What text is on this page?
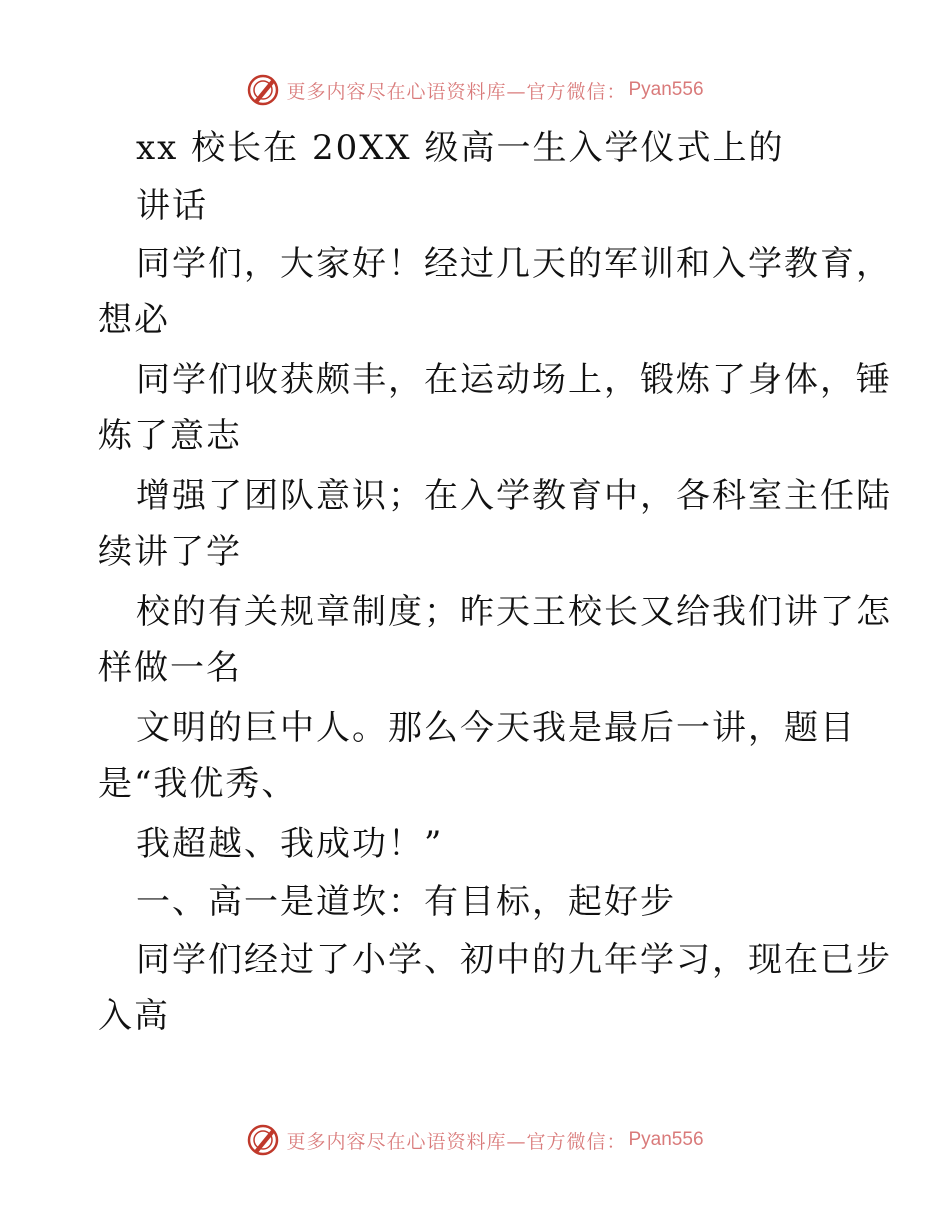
更多内容尽在心语资料库—官方微信： Pyan556
xx 校长在 20XX 级高一生入学仪式上的
讲话
同学们，大家好！经过几天的军训和入学教育，
想必
同学们收获颇丰，在运动场上，锻炼了身体，锤
炼了意志
增强了团队意识；在入学教育中，各科室主任陆
续讲了学
校的有关规章制度；昨天王校长又给我们讲了怎
样做一名
文明的巨中人。那么今天我是最后一讲，题目
是“我优秀、
我超越、我成功！”
一、高一是道坎：有目标，起好步
同学们经过了小学、初中的九年学习，现在已步
入高
更多内容尽在心语资料库—官方微信： Pyan556
